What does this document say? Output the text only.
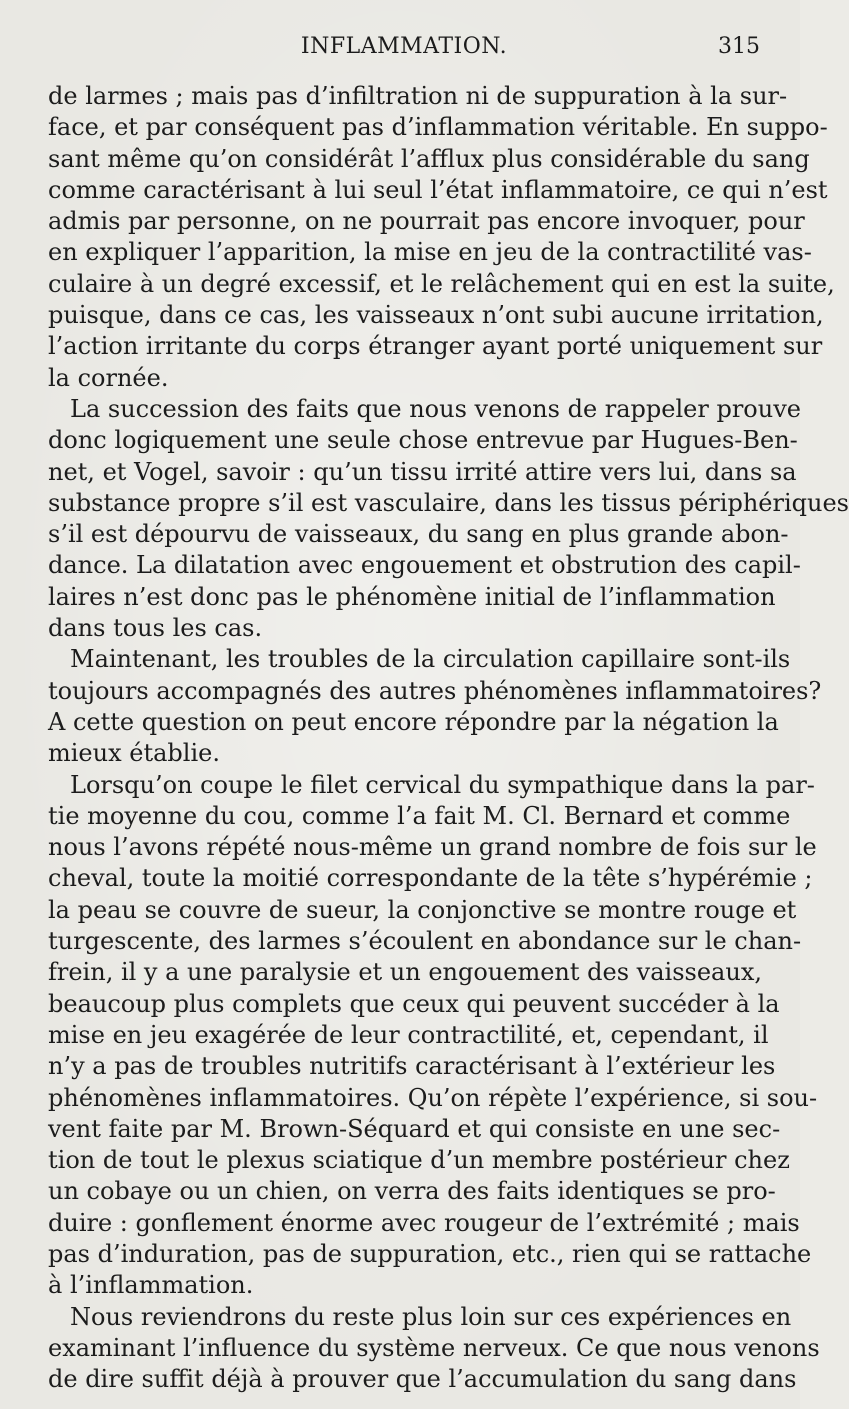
INFLAMMATION.	315
de larmes ; mais pas d’infiltration ni de suppuration à la sur-
face, et par conséquent pas d’inflammation véritable. En suppo-
sant même qu’on considérât l’afflux plus considérable du sang
comme caractérisant à lui seul l’état inflammatoire, ce qui n’est
admis par personne, on ne pourrait pas encore invoquer, pour
en expliquer l’apparition, la mise en jeu de la contractilité vas-
culaire à un degré excessif, et le relâchement qui en est la suite,
puisque, dans ce cas, les vaisseaux n’ont subi aucune irritation,
l’action irritante du corps étranger ayant porté uniquement sur
la cornée.
La succession des faits que nous venons de rappeler prouve
donc logiquement une seule chose entrevue par Hugues-Ben-
net, et Vogel, savoir : qu’un tissu irrité attire vers lui, dans sa
substance propre s’il est vasculaire, dans les tissus périphériques
s’il est dépourvu de vaisseaux, du sang en plus grande abon-
dance. La dilatation avec engouement et obstrution des capil-
laires n’est donc pas le phénomène initial de l’inflammation
dans tous les cas.
Maintenant, les troubles de la circulation capillaire sont-ils
toujours accompagnés des autres phénomènes inflammatoires?
A cette question on peut encore répondre par la négation la
mieux établie.
Lorsqu’on coupe le filet cervical du sympathique dans la par-
tie moyenne du cou, comme l’a fait M. Cl. Bernard et comme
nous l’avons répété nous-même un grand nombre de fois sur le
cheval, toute la moitié correspondante de la tête s’hypérémie ;
la peau se couvre de sueur, la conjonctive se montre rouge et
turgescente, des larmes s’écoulent en abondance sur le chan-
frein, il y a une paralysie et un engouement des vaisseaux,
beaucoup plus complets que ceux qui peuvent succéder à la
mise en jeu exagérée de leur contractilité, et, cependant, il
n’y a pas de troubles nutritifs caractérisant à l’extérieur les
phénomènes inflammatoires. Qu’on répète l’expérience, si sou-
vent faite par M. Brown-Séquard et qui consiste en une sec-
tion de tout le plexus sciatique d’un membre postérieur chez
un cobaye ou un chien, on verra des faits identiques se pro-
duire : gonflement énorme avec rougeur de l’extrémité ; mais
pas d’induration, pas de suppuration, etc., rien qui se rattache
à l’inflammation.
Nous reviendrons du reste plus loin sur ces expériences en
examinant l’influence du système nerveux. Ce que nous venons
de dire suffit déjà à prouver que l’accumulation du sang dans
